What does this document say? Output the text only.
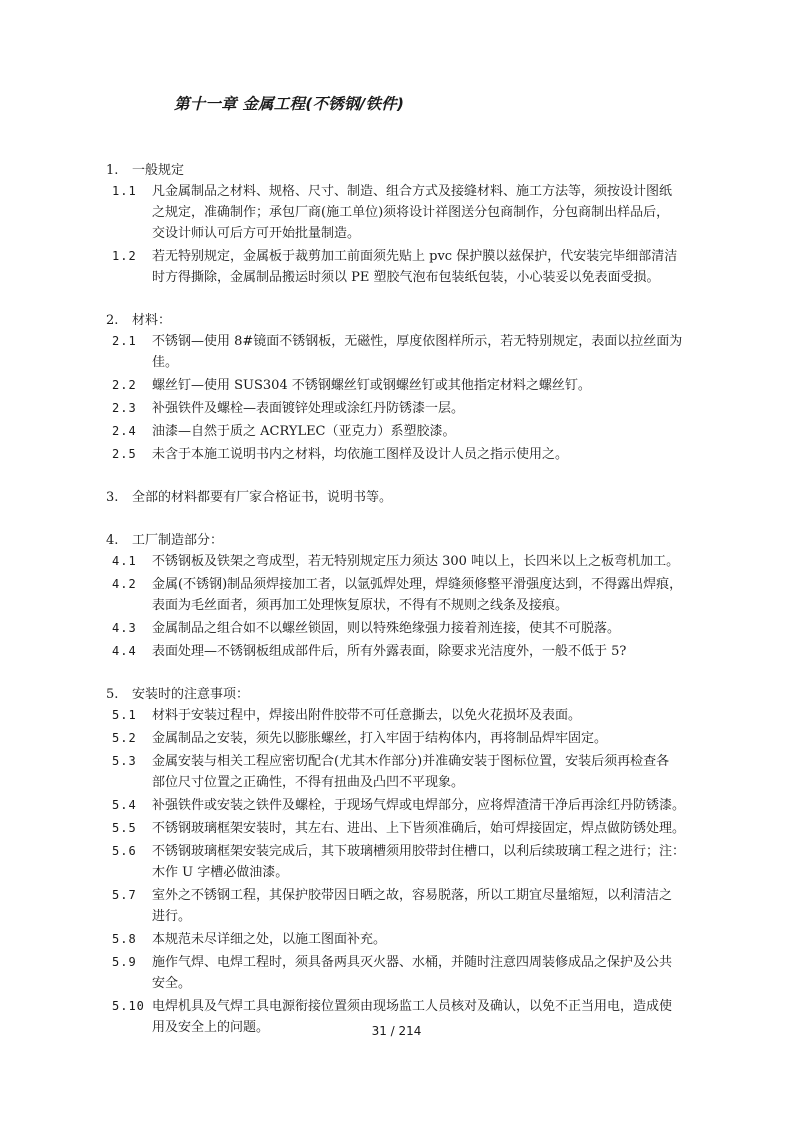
第十一章 金属工程(不锈钢/铁件)
1. 一般规定
1.1 凡金属制品之材料、规格、尺寸、制造、组合方式及接缝材料、施工方法等，须按设计图纸
之规定，准确制作；承包厂商(施工单位)须将设计祥图送分包商制作，分包商制出样品后，
交设计师认可后方可开始批量制造。
1.2 若无特别规定，金属板于裁剪加工前面须先贴上 pvc 保护膜以兹保护，代安装完毕细部清洁
时方得撕除，金属制品搬运时须以 PE 塑胶气泡布包装纸包装，小心装妥以免表面受损。
2. 材料：
2.1 不锈钢—使用 8#镜面不锈钢板，无磁性，厚度依图样所示，若无特别规定，表面以拉丝面为
佳。
2.2 螺丝钉—使用 SUS304 不锈钢螺丝钉或钢螺丝钉或其他指定材料之螺丝钉。
2.3 补强铁件及螺栓—表面镀锌处理或涂红丹防锈漆一层。
2.4 油漆—自然于质之 ACRYLEC（亚克力）系塑胶漆。
2.5 未含于本施工说明书内之材料，均依施工图样及设计人员之指示使用之。
3. 全部的材料都要有厂家合格证书，说明书等。
4. 工厂制造部分：
4.1 不锈钢板及铁架之弯成型，若无特别规定压力须达 300 吨以上，长四米以上之板弯机加工。
4.2 金属(不锈钢)制品须焊接加工者，以氩弧焊处理，焊缝须修整平滑强度达到，不得露出焊痕，
表面为毛丝面者，须再加工处理恢复原状，不得有不规则之线条及接痕。
4.3 金属制品之组合如不以螺丝锁固，则以特殊绝缘强力接着剂连接，使其不可脱落。
4.4 表面处理—不锈钢板组成部件后，所有外露表面，除要求光洁度外，一般不低于 5?
5. 安装时的注意事项：
5.1 材料于安装过程中，焊接出附件胶带不可任意撕去，以免火花损坏及表面。
5.2 金属制品之安装，须先以膨胀螺丝，打入牢固于结构体内，再将制品焊牢固定。
5.3 金属安装与相关工程应密切配合(尤其木作部分)并准确安装于图标位置，安装后须再检查各
部位尺寸位置之正确性，不得有扭曲及凸凹不平现象。
5.4 补强铁件或安装之铁件及螺栓，于现场气焊或电焊部分，应将焊渣清干净后再涂红丹防锈漆。
5.5 不锈钢玻璃框架安装时，其左右、进出、上下皆须准确后，始可焊接固定，焊点做防锈处理。
5.6 不锈钢玻璃框架安装完成后，其下玻璃槽须用胶带封住槽口，以利后续玻璃工程之进行；注：
木作 U 字槽必做油漆。
5.7 室外之不锈钢工程，其保护胶带因日晒之故，容易脱落，所以工期宜尽量缩短，以利清洁之
进行。
5.8 本规范未尽详细之处，以施工图面补充。
5.9 施作气焊、电焊工程时，须具备两具灭火器、水桶，并随时注意四周装修成品之保护及公共
安全。
5.10 电焊机具及气焊工具电源衔接位置须由现场监工人员核对及确认，以免不正当用电，造成使
用及安全上的问题。	31 / 214
